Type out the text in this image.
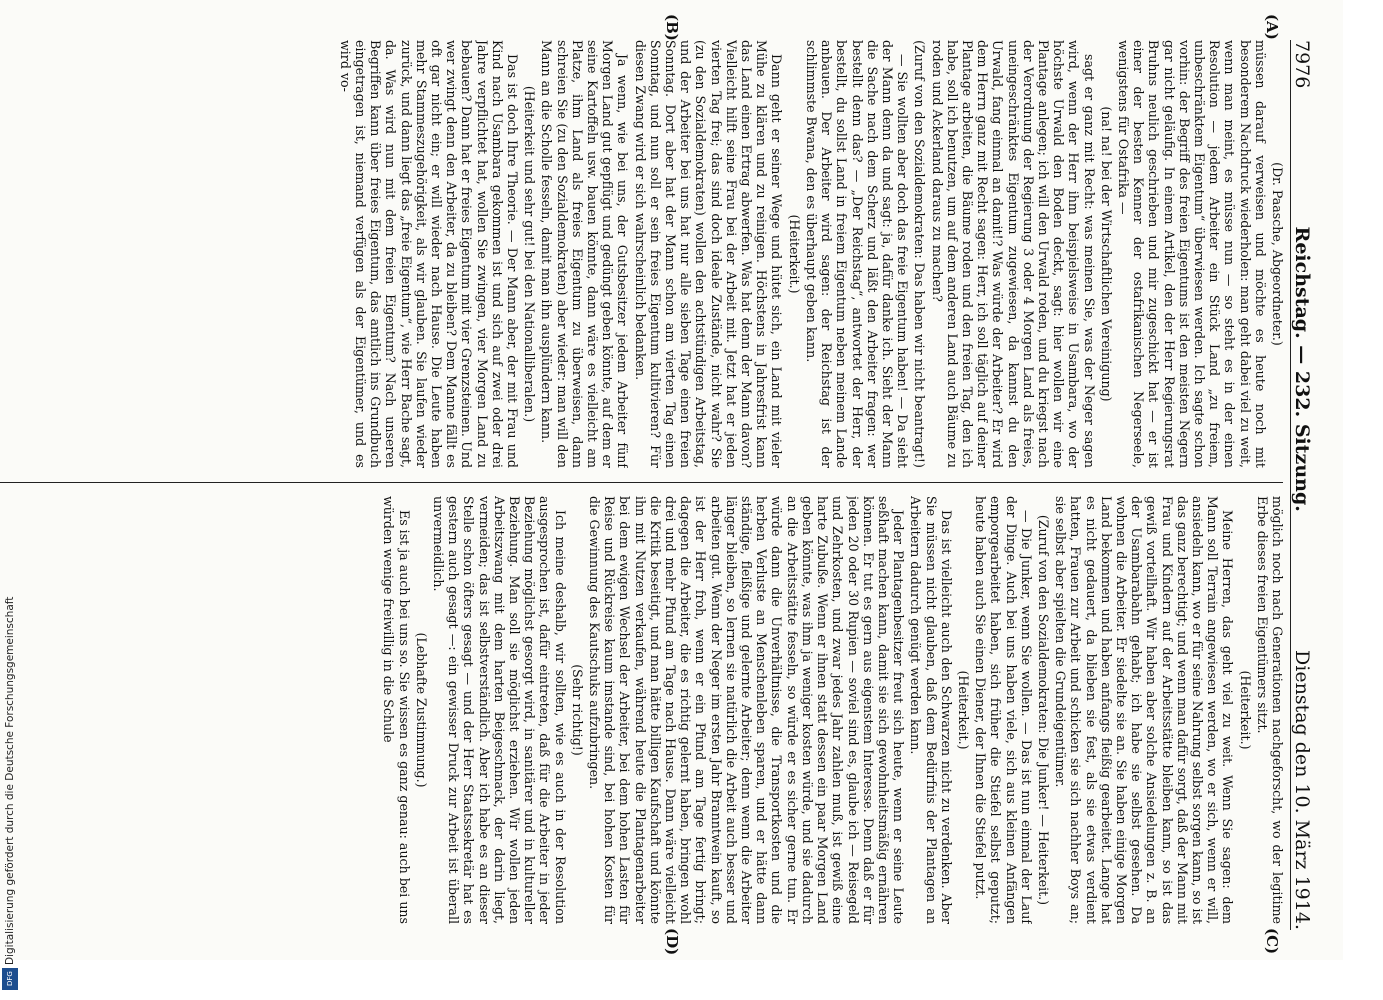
7976
Reichstag. — 232. Sitzung.
Dienstag den 10. März 1914.
(A)
(B)
(C)
(D)

(Dr. Paasche, Abgeordneter.)

müssen darauf verweisen und möchte es heute noch mit besonderem Nachdruck wiederholen: man geht dabei viel zu weit, wenn man meint, es müsse nun — so steht es in der einen Resolution — jedem Arbeiter ein Stück Land „zu freiem, unbeschränktem Eigentum“ überwiesen werden. Ich sagte schon vorhin: der Begriff des freien Eigentums ist den meisten Negern gar nicht geläufig. In einem Artikel, den der Herr Regierungsrat Bruhns neulich geschrieben und mir zugeschickt hat — er ist einer der besten Kenner der ostafrikanischen Negerseele, wenigstens für Ostafrika —

(na! na! bei der Wirtschaftlichen Vereinigung)

sagt er ganz mit Recht: was meinen Sie, was der Neger sagen wird, wenn der Herr ihm beispielsweise in Usambara, wo der höchste Urwald den Boden deckt, sagt: hier wollen wir eine Plantage anlegen; ich will den Urwald roden, und du kriegst nach der Verordnung der Regierung 3 oder 4 Morgen Land als freies, uneingeschränktes Eigentum zugewiesen, da kannst du den Urwald, fang einmal an damit!? Was würde der Arbeiter? Er wird dem Herrn ganz mit Recht sagen: Herr, ich soll täglich auf deiner Plantage arbeiten, die Bäume roden und den freien Tag, den ich habe, soll ich benutzen, um auf dem anderen Land auch Bäume zu roden und Ackerland daraus zu machen?

(Zuruf von den Sozialdemokraten: Das haben wir nicht beantragt!)

— Sie wollten aber doch das freie Eigentum haben! — Da sieht der Mann denn da und sagt: ja, dafür danke ich. Sieht der Mann die Sache nach dem Scherz und läßt den Arbeiter fragen: wer bestellt denn das? — „Der Reichstag“, antwortet der Herr, der bestellt, du sollst Land in freiem Eigentum neben meinem Lande anbauen. Der Arbeiter wird sagen: der Reichstag ist der schlimmste Bwana, den es überhaupt geben kann.

(Heiterkeit.)

Dann geht er seiner Wege und hütet sich, ein Land mit vieler Mühe zu klären und zu reinigen. Höchstens in Jahresfrist kann das Land einen Ertrag abwerfen. Was hat denn der Mann davon? Vielleicht hilft seine Frau bei der Arbeit mit. Jetzt hat er jeden vierten Tag frei; das sind doch ideale Zustände, nicht wahr? Sie (zu den Sozialdemokraten) wollen den achtstündigen Arbeitstag, und der Arbeiter bei uns hat nur alle sieben Tage einen freien Sonntag. Dort aber hat der Mann schon am vierten Tag einen Sonntag, und nun soll er sein freies Eigentum kultivieren? Für diesen Zwang wird er sich wahrscheinlich bedanken.

Ja wenn, wie bei uns, der Gutsbesitzer jedem Arbeiter fünf Morgen Land gut gepflügt und gedüngt geben könnte, auf dem er seine Kartoffeln usw. bauen könnte, dann wäre es vielleicht am Platze, ihm Land als freies Eigentum zu überweisen, dann schreien Sie (zu den Sozialdemokraten) aber wieder: man will den Mann an die Scholle fesseln, damit man ihn ausplündern kann.

(Heiterkeit und sehr gut! bei den Nationalliberalen.)

Das ist doch Ihre Theorie. — Der Mann aber, der mit Frau und Kind nach Usambara gekommen ist und sich auf zwei oder drei Jahre verpflichtet hat, wollen Sie zwingen, vier Morgen Land zu bebauen? Dann hat er freies Eigentum mit vier Grenzsteinen. Und wer zwingt denn den Arbeiter, da zu bleiben? Dem Manne fällt es oft gar nicht ein; er will wieder nach Hause. Die Leute haben mehr Stammeszugehörigkeit, als wir glauben. Sie laufen wieder zurück, und dann liegt das „freie Eigentum“, wie Herr Bache sagt, da. Was wird nun mit dem freien Eigentum? Nach unseren Begriffen kann über freies Eigentum, das amtlich ins Grundbuch eingetragen ist, niemand verfügen als der Eigentümer, und es wird vo-

möglich noch nach Generationen nachgeforscht, wo der legitime Erbe dieses freien Eigentümers sitzt.

(Heiterkeit.)

Meine Herren, das geht viel zu weit. Wenn Sie sagen: dem Mann soll Terrain angewiesen werden, wo er sich, wenn er will, ansiedeln kann, wo er für seine Nahrung selbst sorgen kann, so ist das ganz berechtigt; und wenn man dafür sorgt, daß der Mann mit Frau und Kindern auf der Arbeitsstätte bleiben kann, so ist das gewiß vorteilhaft. Wir haben aber solche Ansiedelungen z. B. an der Usambarabahn gehabt; ich habe sie selbst gesehen. Da wohnen die Arbeiter. Er siedelte sie an. Sie haben einige Morgen Land bekommen und haben anfangs fleißig gearbeitet. Lange hat es nicht gedauert, da blieben sie fest, als sie etwas verdient hatten, Frauen zur Arbeit und schicken sie sich nachher Boys an; sie selbst aber spielten die Grundeigentümer.

(Zuruf von den Sozialdemokraten: Die Junker! — Heiterkeit.)

— Die Junker, wenn Sie wollen. — Das ist nun einmal der Lauf der Dinge. Auch bei uns haben viele, sich aus kleinen Anfängen emporgearbeitet haben, sich früher die Stiefel selbst geputzt; heute haben auch Sie einen Diener, der Ihnen die Stiefel putzt.

(Heiterkeit.)

Das ist vielleicht auch den Schwarzen nicht zu verdenken. Aber Sie müssen nicht glauben, daß dem Bedürfnis der Plantagen an Arbeitern dadurch genügt werden kann.

Jeder Plantagenbesitzer freut sich heute, wenn er seine Leute seßhaft machen kann, damit sie sich gewohnheitsmäßig ernähren können. Er tut es gern aus eigenstem Interesse. Denn daß er für jeden 20 oder 30 Rupien — soviel sind es, glaube ich — Reisegeld und Zehrkosten, und zwar jedes Jahr zahlen muß, ist gewiß eine harte Zubuße. Wenn er ihnen statt dessen ein paar Morgen Land geben könnte, was ihm ja weniger kosten würde, und sie dadurch an die Arbeitsstätte fesseln, so würde er es sicher gerne tun. Er würde dann die Unverhältnisse, die Transportkosten und die herben Verluste an Menschenleben sparen, und er hätte dann ständige, fleißige und gelernte Arbeiter; denn wenn die Arbeiter länger bleiben, so lernen sie natürlich die Arbeit auch besser und arbeiten gut. Wenn der Neger im ersten Jahr Branntwein kauft, so ist der Herr froh, wenn er ein Pfund am Tage fertig bringt; dagegen die Arbeiter, die es richtig gelernt haben, bringen wohl drei und mehr Pfund am Tage nach Hause. Dann wäre vielleicht die Kritik beseitigt, und man hätte billigen Kaufschaft und könnte ihn mit Nutzen verkaufen, während heute die Plantagenarbeiter bei dem ewigen Wechsel der Arbeiter, bei dem hohen Lasten für Reise und Rückreise kaum imstande sind, bei hohen Kosten für die Gewinnung des Kautschuks aufzubringen.

(Sehr richtig!)

Ich meine deshalb, wir sollten, wie es auch in der Resolution ausgesprochen ist, dafür eintreten, daß für die Arbeiter in jeder Beziehung möglichst gesorgt wird, in sanitärer und in kultureller Beziehung. Man soll sie möglichst erziehen. Wir wollen jeden Arbeitszwang mit dem harten Beigeschmack, der darin liegt, vermeiden; das ist selbstverständlich. Aber ich habe es an dieser Stelle schon öfters gesagt — und der Herr Staatssekretär hat es gestern auch gesagt —: ein gewisser Druck zur Arbeit ist überall unvermeidlich.

(Lebhafte Zustimmung.)

Es ist ja auch bei uns so. Sie wissen es ganz genau: auch bei uns würden wenige freiwillig in die Schule

Digitalisierung gefördert durch die Deutsche Forschungsgemeinschaft
DFG
